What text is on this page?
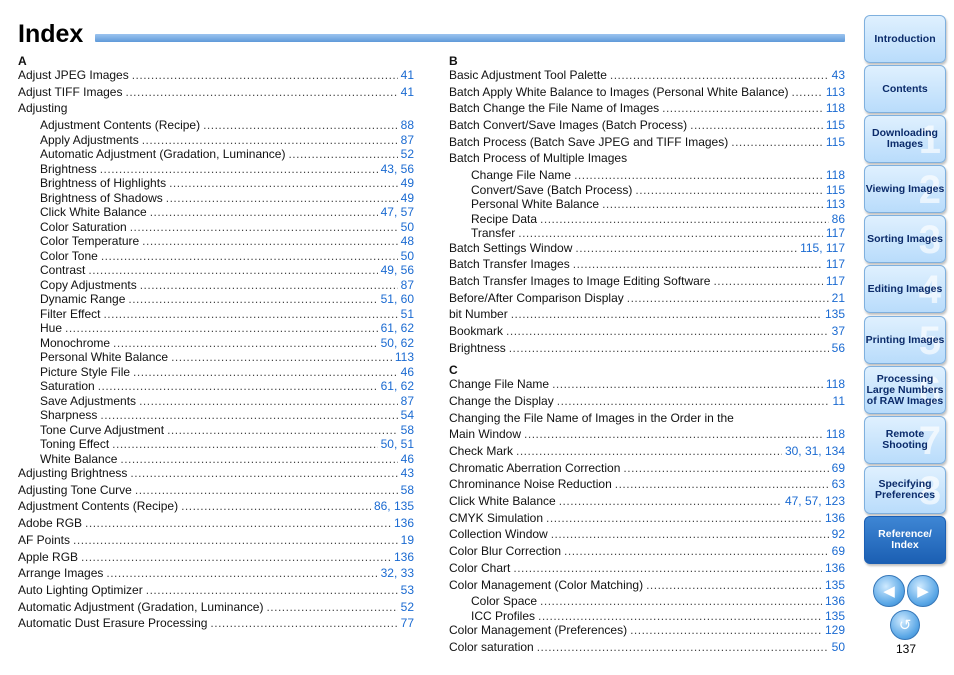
Index
A
Adjust JPEG Images .....	41
Adjust TIFF Images .....	41
Adjusting
Adjustment Contents (Recipe) .....	88
Apply Adjustments .....	87
Automatic Adjustment (Gradation, Luminance) .....	52
Brightness .....	43, 56
Brightness of Highlights .....	49
Brightness of Shadows .....	49
Click White Balance .....	47, 57
Color Saturation .....	50
Color Temperature .....	48
Color Tone .....	50
Contrast .....	49, 56
Copy Adjustments .....	87
Dynamic Range .....	51, 60
Filter Effect .....	51
Hue .....	61, 62
Monochrome .....	50, 62
Personal White Balance .....	113
Picture Style File .....	46
Saturation .....	61, 62
Save Adjustments .....	87
Sharpness .....	54
Tone Curve Adjustment .....	58
Toning Effect .....	50, 51
White Balance .....	46
Adjusting Brightness .....	43
Adjusting Tone Curve .....	58
Adjustment Contents (Recipe) .....	86, 135
Adobe RGB .....	136
AF Points .....	19
Apple RGB .....	136
Arrange Images .....	32, 33
Auto Lighting Optimizer .....	53
Automatic Adjustment (Gradation, Luminance) .....	52
Automatic Dust Erasure Processing .....	77
B
Basic Adjustment Tool Palette .....	43
Batch Apply White Balance to Images (Personal White Balance) .....	113
Batch Change the File Name of Images .....	118
Batch Convert/Save Images (Batch Process) .....	115
Batch Process (Batch Save JPEG and TIFF Images) .....	115
Batch Process of Multiple Images
Change File Name .....	118
Convert/Save (Batch Process) .....	115
Personal White Balance .....	113
Recipe Data .....	86
Transfer .....	117
Batch Settings Window .....	115, 117
Batch Transfer Images .....	117
Batch Transfer Images to Image Editing Software .....	117
Before/After Comparison Display .....	21
bit Number .....	135
Bookmark .....	37
Brightness .....	56
C
Change File Name .....	118
Change the Display .....	11
Changing the File Name of Images in the Order in the
Main Window .....	118
Check Mark .....	30, 31, 134
Chromatic Aberration Correction .....	69
Chrominance Noise Reduction .....	63
Click White Balance .....	47, 57, 123
CMYK Simulation .....	136
Collection Window .....	92
Color Blur Correction .....	69
Color Chart .....	136
Color Management (Color Matching) .....	135
Color Space .....	136
ICC Profiles .....	135
Color Management (Preferences) .....	129
Color saturation .....	50
Introduction
Contents
1
Downloading Images
2
Viewing Images
3
Sorting Images
4
Editing Images
5
Printing Images
6
Processing Large Numbers of RAW Images
7
Remote Shooting
8
Specifying Preferences
Reference/ Index
◀ ▶
↺
137
